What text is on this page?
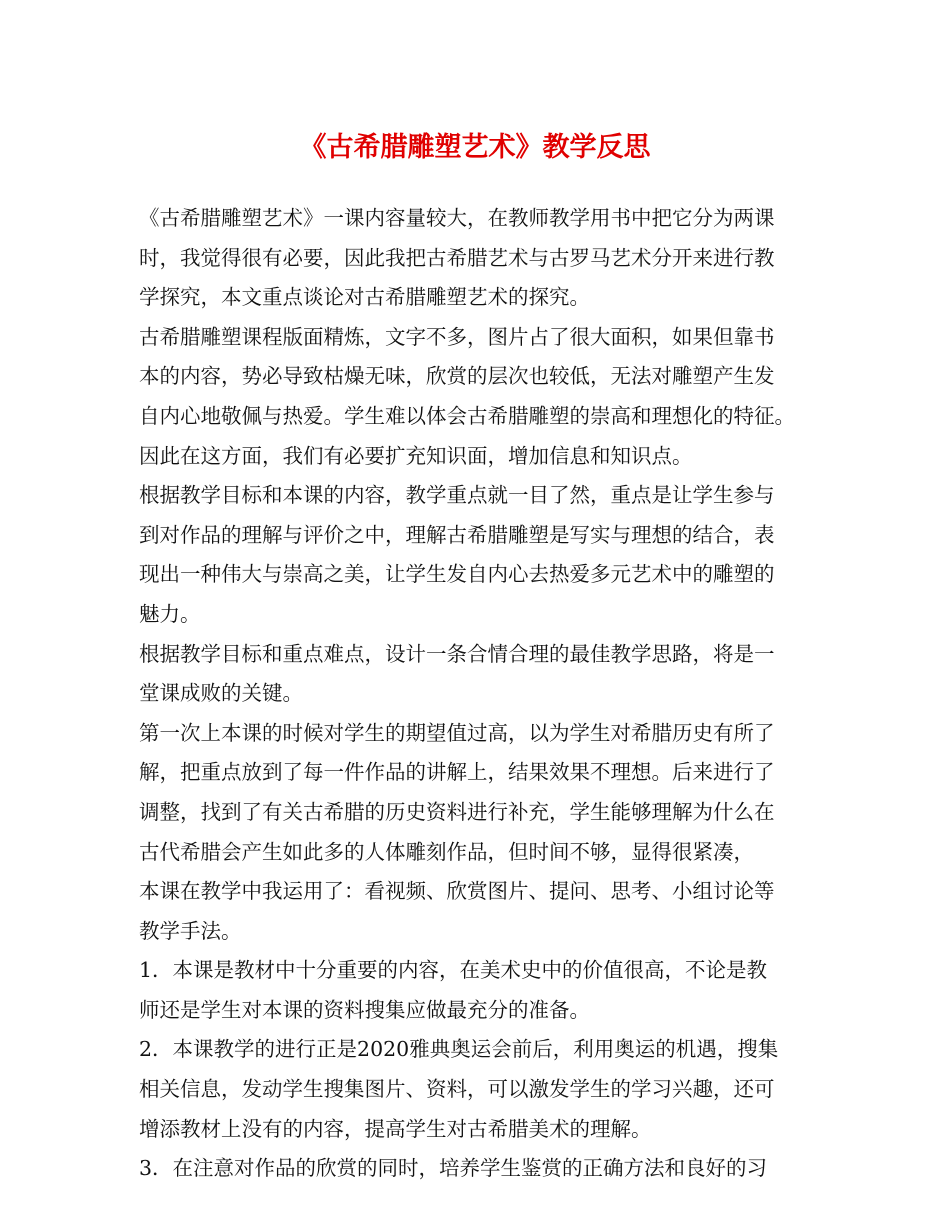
《古希腊雕塑艺术》教学反思
《古希腊雕塑艺术》一课内容量较大，在教师教学用书中把它分为两课
时，我觉得很有必要，因此我把古希腊艺术与古罗马艺术分开来进行教
学探究，本文重点谈论对古希腊雕塑艺术的探究。
古希腊雕塑课程版面精炼，文字不多，图片占了很大面积，如果但靠书
本的内容，势必导致枯燥无味，欣赏的层次也较低，无法对雕塑产生发
自内心地敬佩与热爱。学生难以体会古希腊雕塑的崇高和理想化的特征。
因此在这方面，我们有必要扩充知识面，增加信息和知识点。
根据教学目标和本课的内容，教学重点就一目了然，重点是让学生参与
到对作品的理解与评价之中，理解古希腊雕塑是写实与理想的结合，表
现出一种伟大与崇高之美，让学生发自内心去热爱多元艺术中的雕塑的
魅力。
根据教学目标和重点难点，设计一条合情合理的最佳教学思路，将是一
堂课成败的关键。
第一次上本课的时候对学生的期望值过高，以为学生对希腊历史有所了
解，把重点放到了每一件作品的讲解上，结果效果不理想。后来进行了
调整，找到了有关古希腊的历史资料进行补充，学生能够理解为什么在
古代希腊会产生如此多的人体雕刻作品，但时间不够，显得很紧凑，
本课在教学中我运用了：看视频、欣赏图片、提问、思考、小组讨论等
教学手法。
1．本课是教材中十分重要的内容，在美术史中的价值很高，不论是教
师还是学生对本课的资料搜集应做最充分的准备。
2．本课教学的进行正是2020雅典奥运会前后，利用奥运的机遇，搜集
相关信息，发动学生搜集图片、资料，可以激发学生的学习兴趣，还可
增添教材上没有的内容，提高学生对古希腊美术的理解。
3．在注意对作品的欣赏的同时，培养学生鉴赏的正确方法和良好的习
